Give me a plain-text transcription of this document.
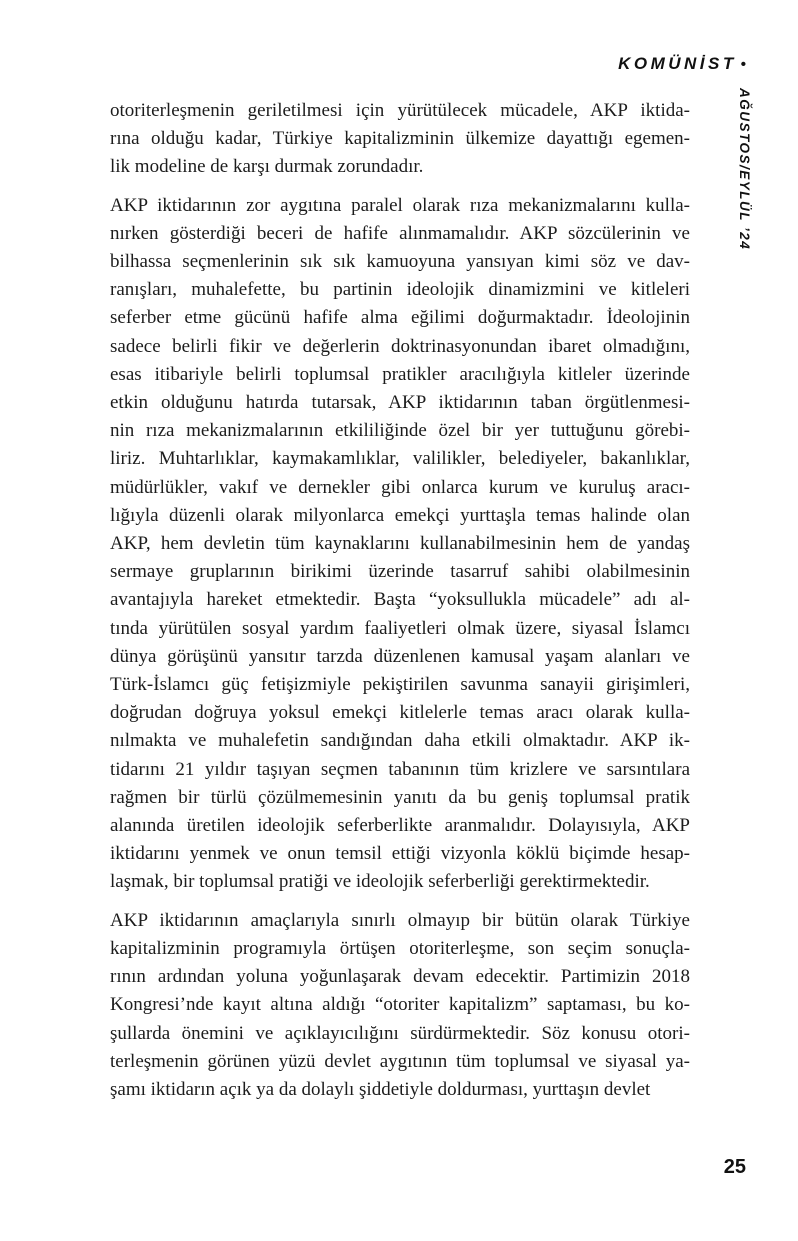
KOMÜNİST •
AĞUSTOS/EYLÜL ’24

otoriterleşmenin geriletilmesi için yürütülecek mücadele, AKP iktida-
rına olduğu kadar, Türkiye kapitalizminin ülkemize dayattığı egemen-
lik modeline de karşı durmak zorundadır.

AKP iktidarının zor aygıtına paralel olarak rıza mekanizmalarını kulla-
nırken gösterdiği beceri de hafife alınmamalıdır. AKP sözcülerinin ve
bilhassa seçmenlerinin sık sık kamuoyuna yansıyan kimi söz ve dav-
ranışları, muhalefette, bu partinin ideolojik dinamizmini ve kitleleri
seferber etme gücünü hafife alma eğilimi doğurmaktadır. İdeolojinin
sadece belirli fikir ve değerlerin doktrinasyonundan ibaret olmadığını,
esas itibariyle belirli toplumsal pratikler aracılığıyla kitleler üzerinde
etkin olduğunu hatırda tutarsak, AKP iktidarının taban örgütlenmesi-
nin rıza mekanizmalarının etkililiğinde özel bir yer tuttuğunu görebi-
liriz. Muhtarlıklar, kaymakamlıklar, valilikler, belediyeler, bakanlıklar,
müdürlükler, vakıf ve dernekler gibi onlarca kurum ve kuruluş aracı-
lığıyla düzenli olarak milyonlarca emekçi yurttaşla temas halinde olan
AKP, hem devletin tüm kaynaklarını kullanabilmesinin hem de yandaş
sermaye gruplarının birikimi üzerinde tasarruf sahibi olabilmesinin
avantajıyla hareket etmektedir. Başta “yoksullukla mücadele” adı al-
tında yürütülen sosyal yardım faaliyetleri olmak üzere, siyasal İslamcı
dünya görüşünü yansıtır tarzda düzenlenen kamusal yaşam alanları ve
Türk-İslamcı güç fetişizmiyle pekiştirilen savunma sanayii girişimleri,
doğrudan doğruya yoksul emekçi kitlelerle temas aracı olarak kulla-
nılmakta ve muhalefetin sandığından daha etkili olmaktadır. AKP ik-
tidarını 21 yıldır taşıyan seçmen tabanının tüm krizlere ve sarsıntılara
rağmen bir türlü çözülmemesinin yanıtı da bu geniş toplumsal pratik
alanında üretilen ideolojik seferberlikte aranmalıdır. Dolayısıyla, AKP
iktidarını yenmek ve onun temsil ettiği vizyonla köklü biçimde hesap-
laşmak, bir toplumsal pratiği ve ideolojik seferberliği gerektirmektedir.

AKP iktidarının amaçlarıyla sınırlı olmayıp bir bütün olarak Türkiye
kapitalizminin programıyla örtüşen otoriterleşme, son seçim sonuçla-
rının ardından yoluna yoğunlaşarak devam edecektir. Partimizin 2018
Kongresi’nde kayıt altına aldığı “otoriter kapitalizm” saptaması, bu ko-
şullarda önemini ve açıklayıcılığını sürdürmektedir. Söz konusu otori-
terleşmenin görünen yüzü devlet aygıtının tüm toplumsal ve siyasal ya-
şamı iktidarın açık ya da dolaylı şiddetiyle doldurması, yurttaşın devlet

25
